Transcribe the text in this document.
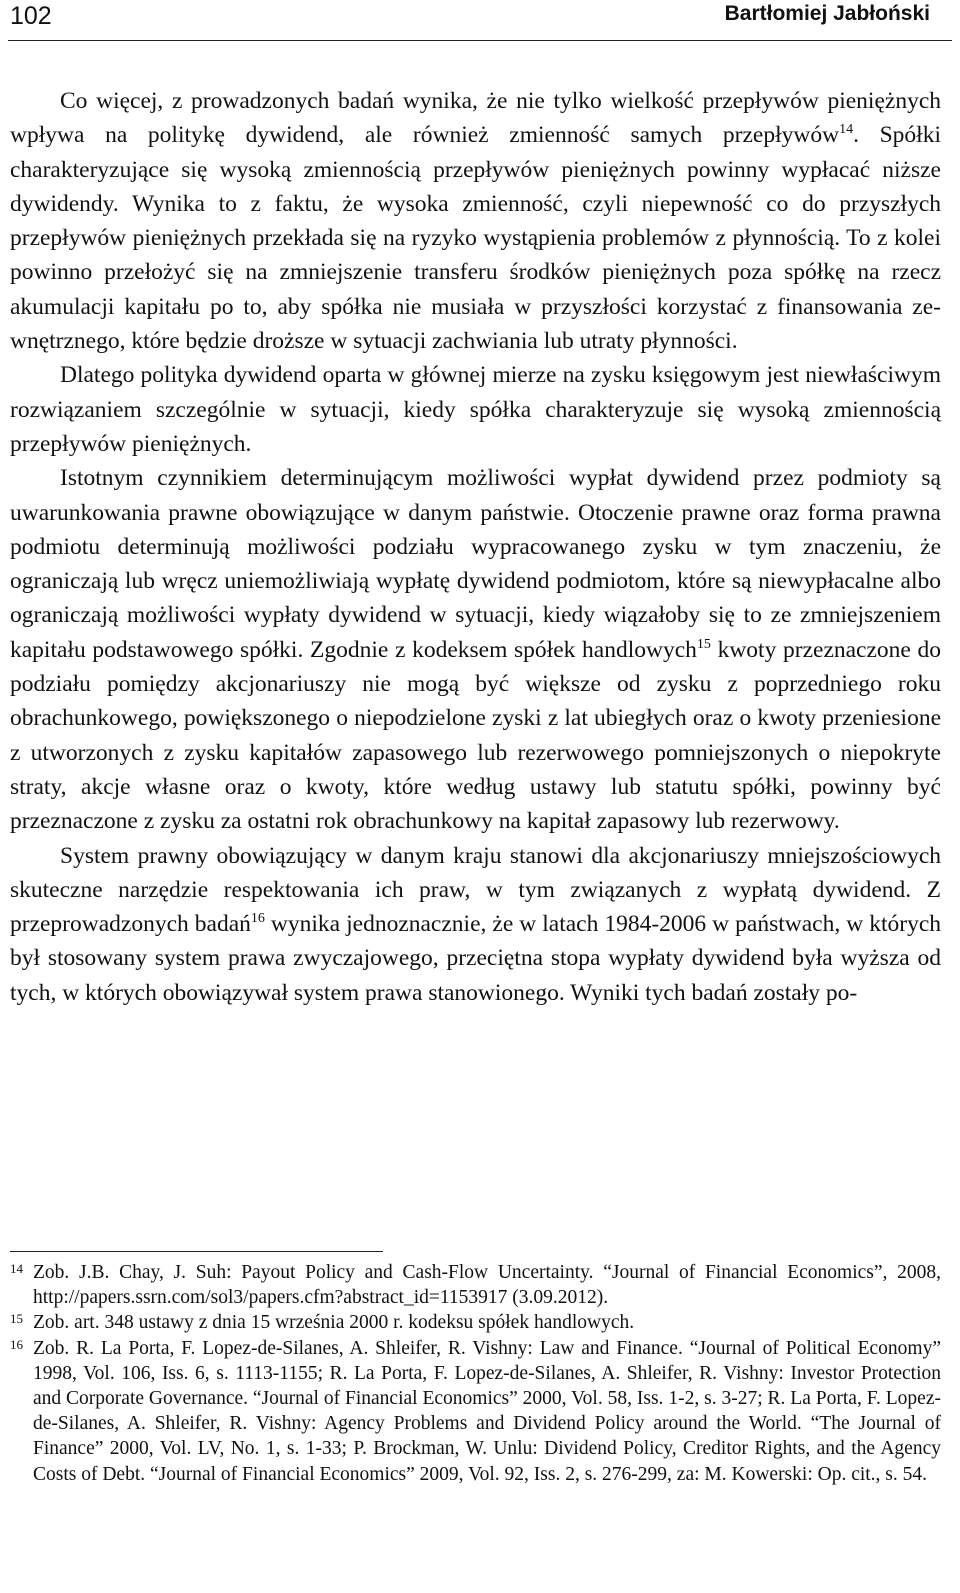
102	Bartłomiej Jabłoński

Co więcej, z prowadzonych badań wynika, że nie tylko wielkość przepływów pieniężnych wpływa na politykę dywidend, ale również zmienność samych przepływów$^{14}$. Spółki charakteryzujące się wysoką zmiennością przepływów pieniężnych powinny wypłacać niższe dywidendy. Wynika to z faktu, że wysoka zmienność, czyli niepewność co do przyszłych przepływów pieniężnych przekłada się na ryzyko wystąpienia problemów z płynnością. To z kolei powinno przełożyć się na zmniejszenie transferu środków pieniężnych poza spółkę na rzecz akumulacji kapitału po to, aby spółka nie musiała w przyszłości korzystać z finansowania zewnętrznego, które będzie droższe w sytuacji zachwiania lub utraty płynności.

Dlatego polityka dywidend oparta w głównej mierze na zysku księgowym jest niewłaściwym rozwiązaniem szczególnie w sytuacji, kiedy spółka charakteryzuje się wysoką zmiennością przepływów pieniężnych.

Istotnym czynnikiem determinującym możliwości wypłat dywidend przez podmioty są uwarunkowania prawne obowiązujące w danym państwie. Otoczenie prawne oraz forma prawna podmiotu determinują możliwości podziału wypracowanego zysku w tym znaczeniu, że ograniczają lub wręcz uniemożliwiają wypłatę dywidend podmiotom, które są niewypłacalne albo ograniczają możliwości wypłaty dywidend w sytuacji, kiedy wiązałoby się to ze zmniejszeniem kapitału podstawowego spółki. Zgodnie z kodeksem spółek handlowych$^{15}$ kwoty przeznaczone do podziału pomiędzy akcjonariuszy nie mogą być większe od zysku z poprzedniego roku obrachunkowego, powiększonego o niepodzielone zyski z lat ubiegłych oraz o kwoty przeniesione z utworzonych z zysku kapitałów zapasowego lub rezerwowego pomniejszonych o niepokryte straty, akcje własne oraz o kwoty, które według ustawy lub statutu spółki, powinny być przeznaczone z zysku za ostatni rok obrachunkowy na kapitał zapasowy lub rezerwowy.

System prawny obowiązujący w danym kraju stanowi dla akcjonariuszy mniejszościowych skuteczne narzędzie respektowania ich praw, w tym związanych z wypłatą dywidend. Z przeprowadzonych badań$^{16}$ wynika jednoznacznie, że w latach 1984-2006 w państwach, w których był stosowany system prawa zwyczajowego, przeciętna stopa wypłaty dywidend była wyższa od tych, w których obowiązywał system prawa stanowionego. Wyniki tych badań zostały po-

14 Zob. J.B. Chay, J. Suh: Payout Policy and Cash-Flow Uncertainty. “Journal of Financial Economics”, 2008, http://papers.ssrn.com/sol3/papers.cfm?abstract_id=1153917 (3.09.2012).
15 Zob. art. 348 ustawy z dnia 15 września 2000 r. kodeksu spółek handlowych.
16 Zob. R. La Porta, F. Lopez-de-Silanes, A. Shleifer, R. Vishny: Law and Finance. “Journal of Political Economy” 1998, Vol. 106, Iss. 6, s. 1113-1155; R. La Porta, F. Lopez-de-Silanes, A. Shleifer, R. Vishny: Investor Protection and Corporate Governance. “Journal of Financial Economics” 2000, Vol. 58, Iss. 1-2, s. 3-27; R. La Porta, F. Lopez-de-Silanes, A. Shleifer, R. Vishny: Agency Problems and Dividend Policy around the World. “The Journal of Finance” 2000, Vol. LV, No. 1, s. 1-33; P. Brockman, W. Unlu: Dividend Policy, Creditor Rights, and the Agency Costs of Debt. “Journal of Financial Economics” 2009, Vol. 92, Iss. 2, s. 276-299, za: M. Kowerski: Op. cit., s. 54.
